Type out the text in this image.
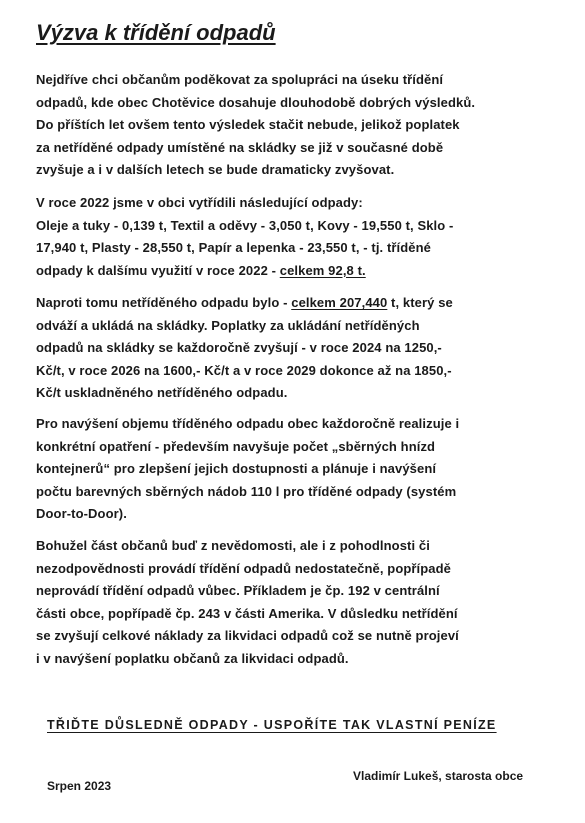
Výzva k třídění odpadů
Nejdříve chci občanům poděkovat za spolupráci na úseku třídění
odpadů, kde obec Chotěvice dosahuje dlouhodobě dobrých výsledků.
Do příštích let ovšem tento výsledek stačit nebude, jelikož poplatek
za netříděné odpady umístěné na skládky se již v současné době
zvyšuje a i v dalších letech se bude dramaticky zvyšovat.
V roce 2022 jsme v obci vytřídili následující odpady:
Oleje a tuky - 0,139 t, Textil a oděvy - 3,050 t, Kovy - 19,550 t, Sklo -
17,940 t, Plasty - 28,550 t, Papír a lepenka - 23,550 t, - tj. tříděné
odpady k dalšímu využití v roce 2022 - celkem 92,8 t.
Naproti tomu netříděného odpadu bylo - celkem 207,440 t, který se
odváží a ukládá na skládky. Poplatky za ukládání netříděných
odpadů na skládky se každoročně zvyšují - v roce 2024 na 1250,-
Kč/t, v roce 2026 na 1600,- Kč/t a v roce 2029 dokonce až na 1850,-
Kč/t uskladněného netříděného odpadu.
Pro navýšení objemu tříděného odpadu obec každoročně realizuje i
konkrétní opatření - především navyšuje počet „sběrných hnízd
kontejnerů“ pro zlepšení jejich dostupnosti a plánuje i navýšení
počtu barevných sběrných nádob 110 l pro tříděné odpady (systém
Door-to-Door).
Bohužel část občanů buď z nevědomosti, ale i z pohodlnosti či
nezodpovědnosti provádí třídění odpadů nedostatečně, popřípadě
neprovádí třídění odpadů vůbec. Příkladem je čp. 192 v centrální
části obce, popřípadě čp. 243 v části Amerika. V důsledku netřídění
se zvyšují celkové náklady za likvidaci odpadů což se nutně projeví
i v navýšení poplatku občanů za likvidaci odpadů.

TŘIĎTE DŮSLEDNĚ ODPADY - USPOŘÍTE TAK VLASTNÍ PENÍZE

Srpen 2023
Vladimír Lukeš, starosta obce
